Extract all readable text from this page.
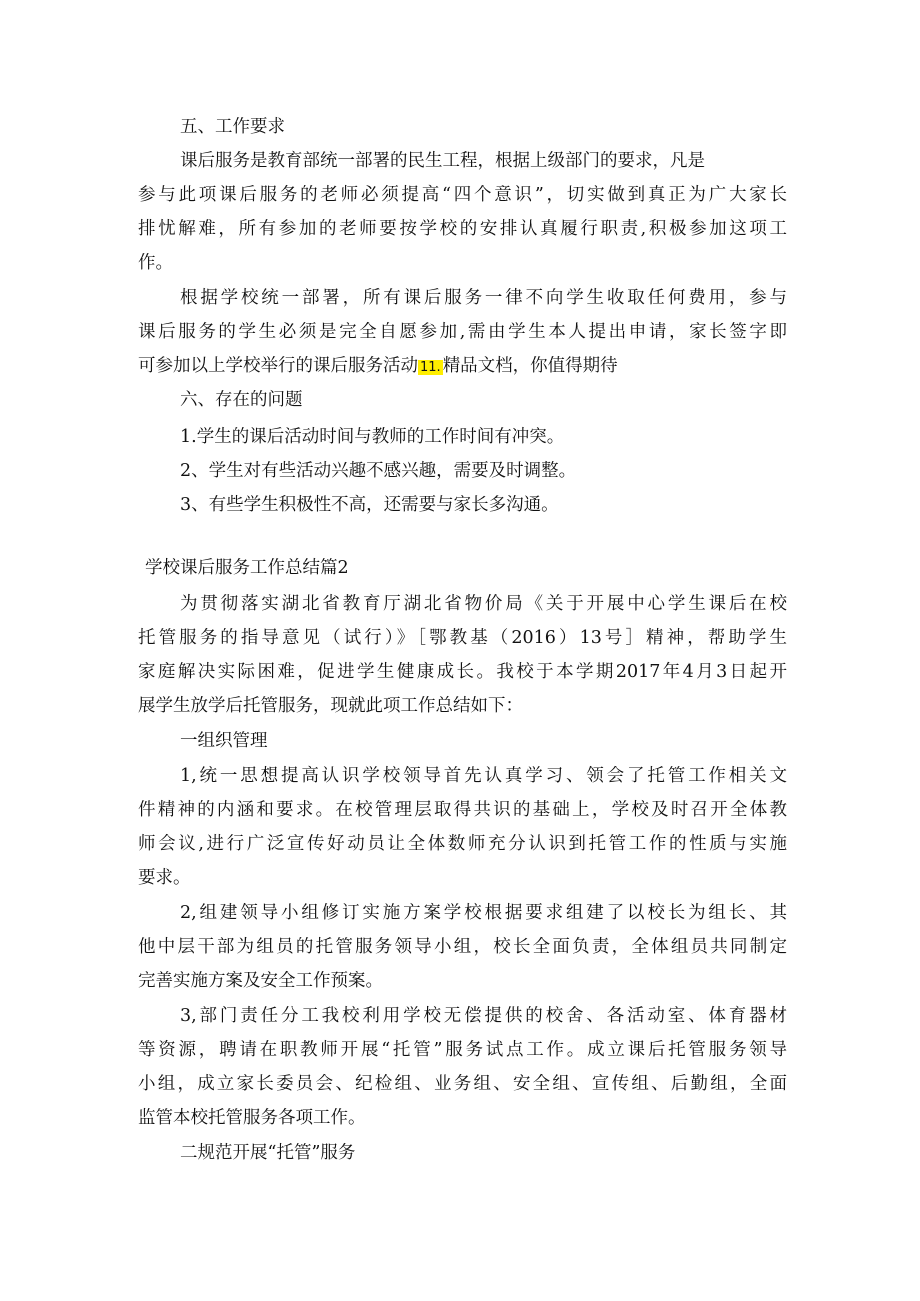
五、工作要求
课后服务是教育部统一部署的民生工程，根据上级部门的要求，凡是
参与此项课后服务的老师必须提高“四个意识”，切实做到真正为广大家长
排忧解难，所有参加的老师要按学校的安排认真履行职责,积极参加这项工
作。
根据学校统一部署，所有课后服务一律不向学生收取任何费用，参与
课后服务的学生必须是完全自愿参加,需由学生本人提出申请，家长签字即
可参加以上学校举行的课后服务活动 11. 精品文档，你值得期待
六、存在的问题
1.学生的课后活动时间与教师的工作时间有冲突。
2、学生对有些活动兴趣不感兴趣，需要及时调整。
3、有些学生积极性不高，还需要与家长多沟通。
学校课后服务工作总结篇2
为贯彻落实湖北省教育厅湖北省物价局《关于开展中心学生课后在校
托管服务的指导意见（试行）》［鄂教基（2016）13号］精神，帮助学生
家庭解决实际困难，促进学生健康成长。我校于本学期2017年4月3日起开
展学生放学后托管服务，现就此项工作总结如下：
一组织管理
1,统一思想提高认识学校领导首先认真学习、领会了托管工作相关文
件精神的内涵和要求。在校管理层取得共识的基础上，学校及时召开全体教
师会议,进行广泛宣传好动员让全体数师充分认识到托管工作的性质与实施
要求。
2,组建领导小组修订实施方案学校根据要求组建了以校长为组长、其
他中层干部为组员的托管服务领导小组，校长全面负责，全体组员共同制定
完善实施方案及安全工作预案。
3,部门责任分工我校利用学校无偿提供的校舍、各活动室、体育器材
等资源，聘请在职教师开展“托管”服务试点工作。成立课后托管服务领导
小组，成立家长委员会、纪检组、业务组、安全组、宣传组、后勤组，全面
监管本校托管服务各项工作。
二规范开展“托管”服务
